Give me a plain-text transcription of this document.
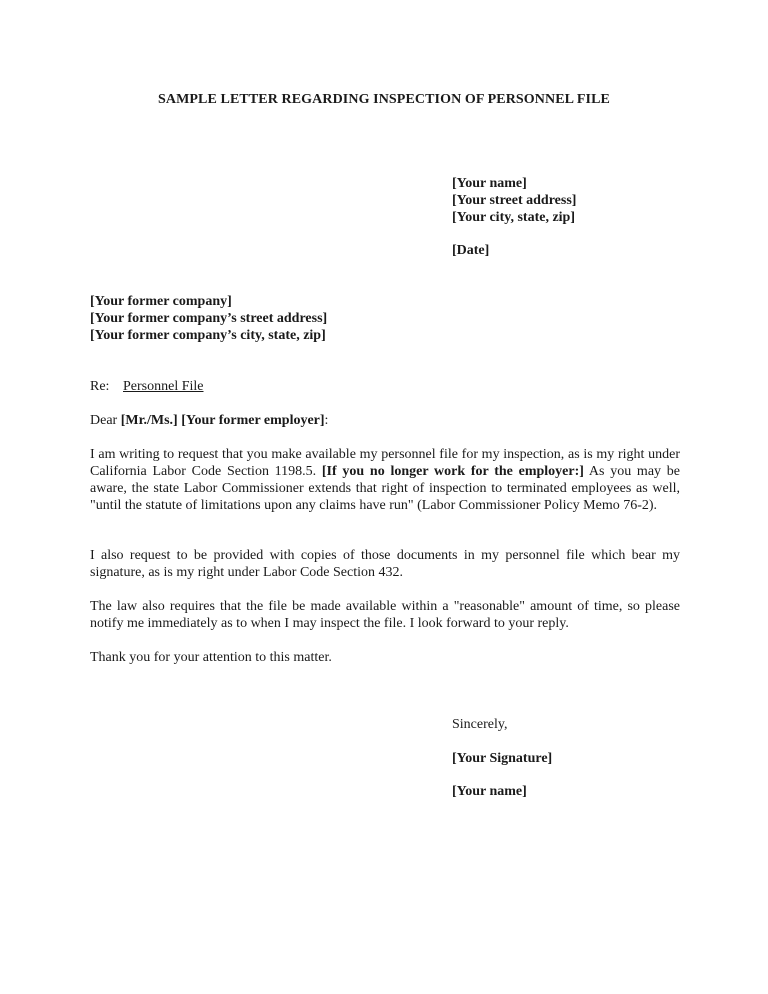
SAMPLE LETTER REGARDING INSPECTION OF PERSONNEL FILE
[Your name]
[Your street address]
[Your city, state, zip]
[Date]
[Your former company]
[Your former company’s street address]
[Your former company’s city, state, zip]
Re: Personnel File
Dear [Mr./Ms.] [Your former employer]:
I am writing to request that you make available my personnel file for my inspection, as is my right under California Labor Code Section 1198.5. [If you no longer work for the employer:] As you may be aware, the state Labor Commissioner extends that right of inspection to terminated employees as well, "until the statute of limitations upon any claims have run" (Labor Commissioner Policy Memo 76-2).
I also request to be provided with copies of those documents in my personnel file which bear my signature, as is my right under Labor Code Section 432.
The law also requires that the file be made available within a "reasonable" amount of time, so please notify me immediately as to when I may inspect the file. I look forward to your reply.
Thank you for your attention to this matter.
Sincerely,
[Your Signature]
[Your name]
